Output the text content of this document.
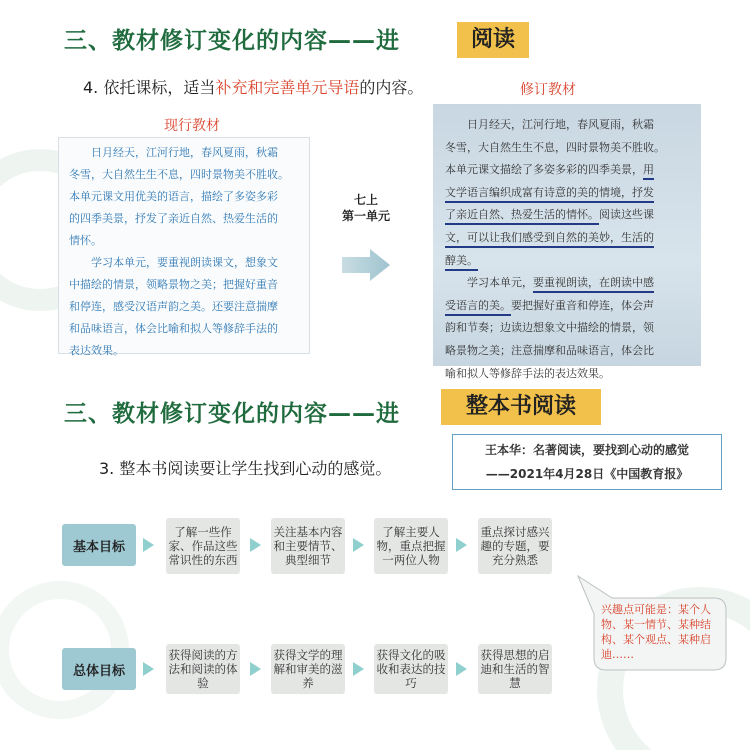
三、教材修订变化的内容——进	阅读
4. 依托课标，适当补充和完善单元导语的内容。	修订教材
现行教材
　　日月经天，江河行地，春风夏雨，秋霜
冬雪，大自然生生不息，四时景物美不胜收。
本单元课文用优美的语言，描绘了多姿多彩
的四季美景，抒发了亲近自然、热爱生活的
情怀。
　　学习本单元，要重视朗读课文，想象文
中描绘的情景，领略景物之美；把握好重音
和停连，感受汉语声韵之美。还要注意揣摩
和品味语言，体会比喻和拟人等修辞手法的
表达效果。
七上
第一单元
　　日月经天，江河行地，春风夏雨，秋霜
冬雪，大自然生生不息，四时景物美不胜收。
本单元课文描绘了多姿多彩的四季美景，用
文学语言编织成富有诗意的美的情境，抒发
了亲近自然、热爱生活的情怀。阅读这些课
文，可以让我们感受到自然的美妙，生活的
醇美。
　　学习本单元，要重视朗读，在朗读中感
受语言的美。要把握好重音和停连，体会声
韵和节奏；边读边想象文中描绘的情景，领
略景物之美；注意揣摩和品味语言，体会比
喻和拟人等修辞手法的表达效果。
三、教材修订变化的内容——进	整本书阅读
3. 整本书阅读要让学生找到心动的感觉。
王本华：名著阅读，要找到心动的感觉
——2021年4月28日《中国教育报》
基本目标
了解一些作家、作品这些常识性的东西
关注基本内容和主要情节、典型细节
了解主要人物，重点把握一两位人物
重点探讨感兴趣的专题，要充分熟悉
兴趣点可能是：某个人物、某一情节、某种结构、某个观点、某种启迪……
总体目标
获得阅读的方法和阅读的体验
获得文学的理解和审美的滋养
获得文化的吸收和表达的技巧
获得思想的启迪和生活的智慧
